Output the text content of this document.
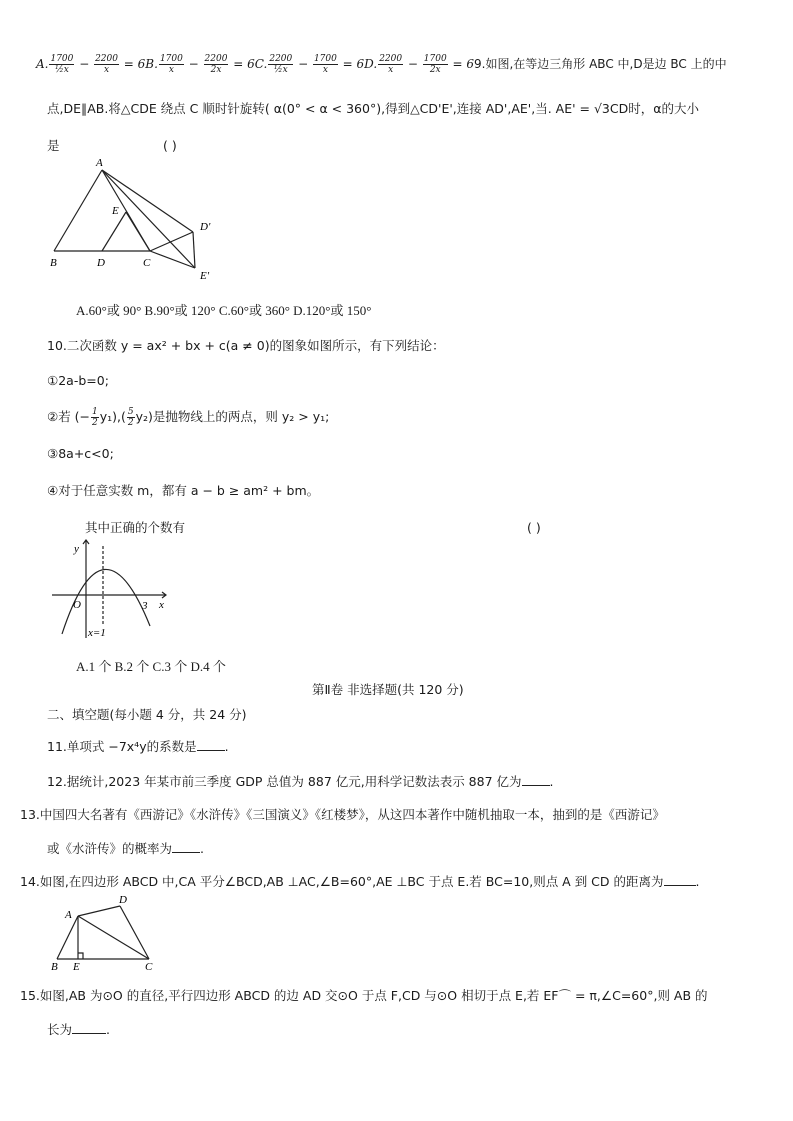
A. $\frac{1700}{\text{½x}} - \frac{2200}{x} = 6B$. $\frac{1700}{x} - \frac{2200}{2x} = 6C$. $\frac{2200}{\text{½x}} - \frac{1700}{x} = 6D$. $\frac{2200}{x} - \frac{1700}{2x} = 69$.如图,在等边三角形 ABC 中,D是边 BC 上的中
点,DE∥AB.将△CDE 绕点 C 顺时针旋转( α(0° < α < 360°),得到△CD'E',连接 AD',AE',当. AE' = √3CD时，α的大小
是	( )
A
E
D'
B	D	C
E'
A.60°或 90° B.90°或 120° C.60°或 360° D.120°或 150°
10.二次函数 y = ax² + bx + c(a ≠ 0)的图象如图所示，有下列结论：
①2a-b=0;
②若 (− $\frac{1}{2} y_1),( \frac{5}{2} y_2)$是抛物线上的两点，则 y₂ > y₁;
③8a+c<0;
④对于任意实数 m，都有 a − b ≥ am² + bm。
其中正确的个数有	( )
y
O	3 x
x=1
A.1 个 B.2 个 C.3 个 D.4 个
第Ⅱ卷 非选择题(共 120 分)
二、填空题(每小题 4 分，共 24 分)
11.单项式 −7x⁴y的系数是 .
12.据统计,2023 年某市前三季度 GDP 总值为 887 亿元,用科学记数法表示 887 亿为 .
13.中国四大名著有《西游记》《水浒传》《三国演义》《红楼梦》，从这四本著作中随机抽取一本，抽到的是《西游记》
或《水浒传》的概率为 .
14.如图,在四边形 ABCD 中,CA 平分∠BCD,AB ⊥AC,∠B=60°,AE ⊥BC 于点 E.若 BC=10,则点 A 到 CD 的距离为	.
A
D
B E	C
15.如图,AB 为⊙O 的直径,平行四边形 ABCD 的边 AD 交⊙O 于点 F,CD 与⊙O 相切于点 E,若 EF⌒ = π,∠C=60°,则 AB 的
长为	.
